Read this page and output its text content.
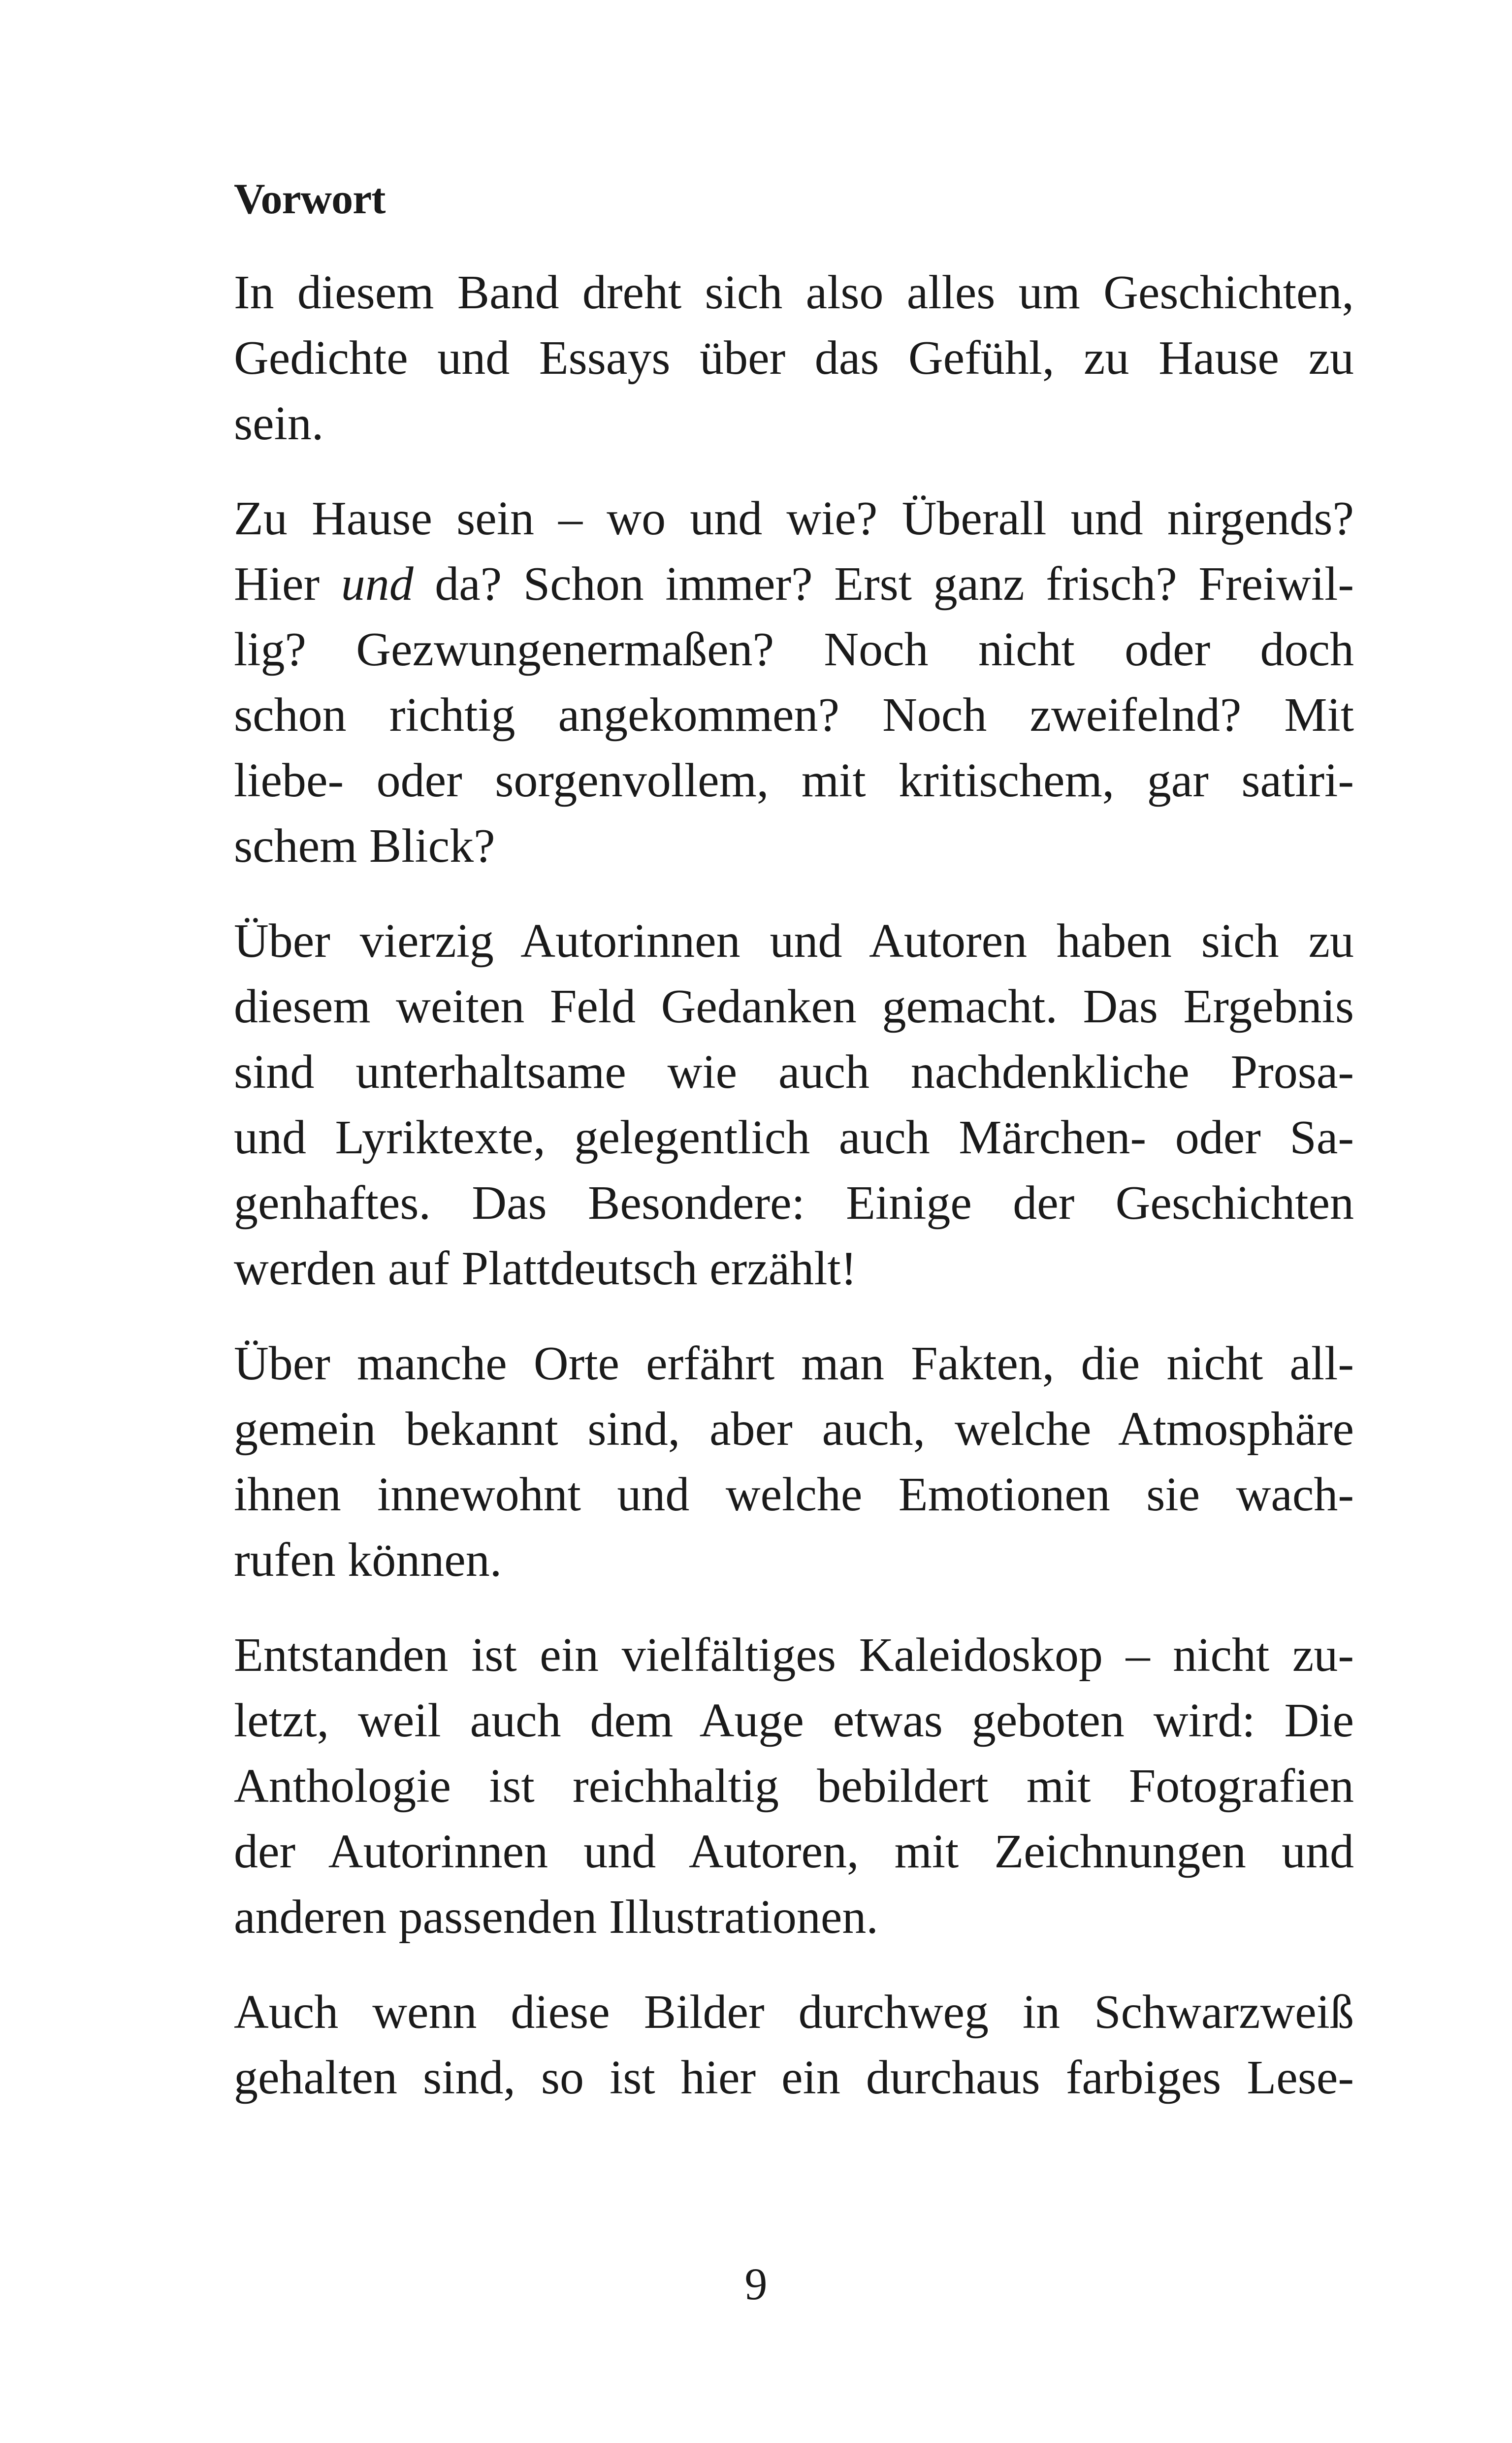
Vorwort
In diesem Band dreht sich also alles um Geschichten,
Gedichte und Essays über das Gefühl, zu Hause zu
sein.
Zu Hause sein – wo und wie? Überall und nirgends?
Hier und da? Schon immer? Erst ganz frisch? Freiwil-
lig? Gezwungenermaßen? Noch nicht oder doch
schon richtig angekommen? Noch zweifelnd? Mit
liebe- oder sorgenvollem, mit kritischem, gar satiri-
schem Blick?
Über vierzig Autorinnen und Autoren haben sich zu
diesem weiten Feld Gedanken gemacht. Das Ergebnis
sind unterhaltsame wie auch nachdenkliche Prosa-
und Lyriktexte, gelegentlich auch Märchen- oder Sa-
genhaftes. Das Besondere: Einige der Geschichten
werden auf Plattdeutsch erzählt!
Über manche Orte erfährt man Fakten, die nicht all-
gemein bekannt sind, aber auch, welche Atmosphäre
ihnen innewohnt und welche Emotionen sie wach-
rufen können.
Entstanden ist ein vielfältiges Kaleidoskop – nicht zu-
letzt, weil auch dem Auge etwas geboten wird: Die
Anthologie ist reichhaltig bebildert mit Fotografien
der Autorinnen und Autoren, mit Zeichnungen und
anderen passenden Illustrationen.
Auch wenn diese Bilder durchweg in Schwarzweiß
gehalten sind, so ist hier ein durchaus farbiges Lese-
9
